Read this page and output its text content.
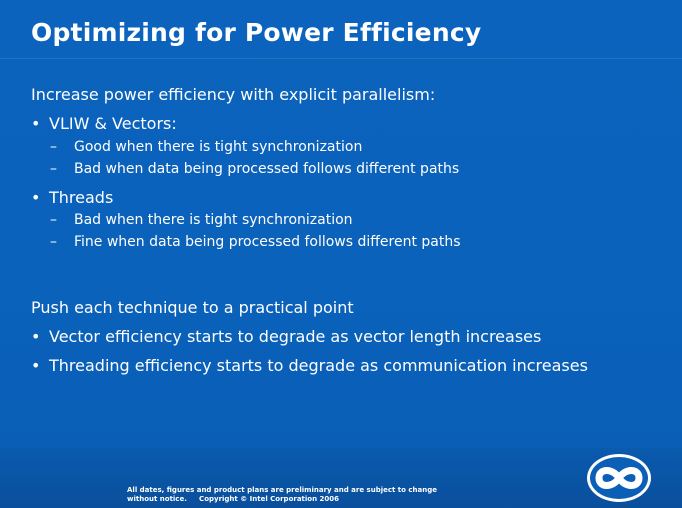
Optimizing for Power Efficiency
Increase power efficiency with explicit parallelism:
• VLIW & Vectors:
– Good when there is tight synchronization
– Bad when data being processed follows different paths
• Threads
– Bad when there is tight synchronization
– Fine when data being processed follows different paths
Push each technique to a practical point
• Vector efficiency starts to degrade as vector length increases
• Threading efficiency starts to degrade as communication increases
All dates, figures and product plans are preliminary and are subject to change
without notice.     Copyright © Intel Corporation 2006
